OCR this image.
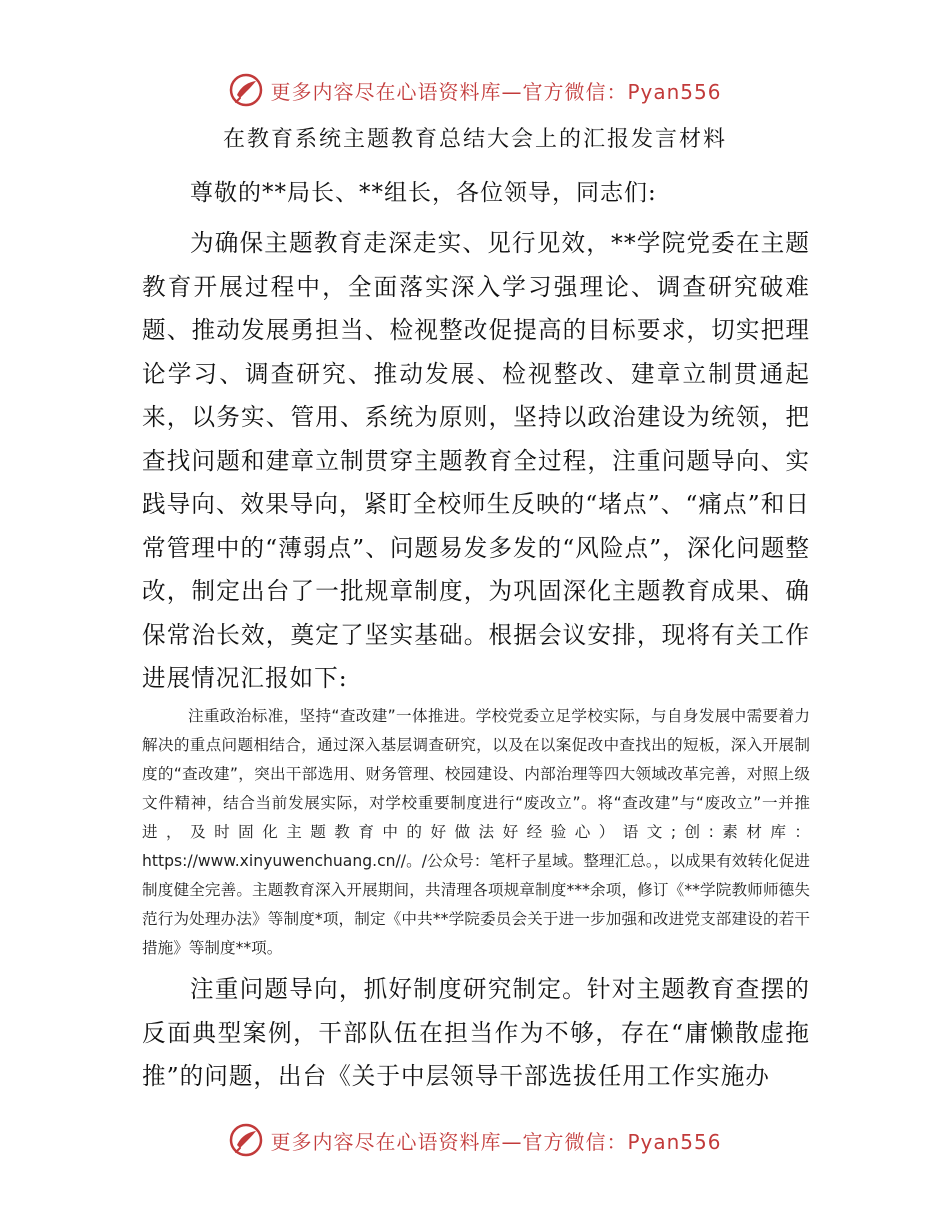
更多内容尽在心语资料库—官方微信：Pyan556
在教育系统主题教育总结大会上的汇报发言材料
尊敬的**局长、**组长，各位领导，同志们:

为确保主题教育走深走实、见行见效，**学院党委在主题教育开展过程中，全面落实深入学习强理论、调查研究破难题、推动发展勇担当、检视整改促提高的目标要求，切实把理论学习、调查研究、推动发展、检视整改、建章立制贯通起来，以务实、管用、系统为原则，坚持以政治建设为统领，把查找问题和建章立制贯穿主题教育全过程，注重问题导向、实践导向、效果导向，紧盯全校师生反映的“堵点”、“痛点”和日常管理中的“薄弱点”、问题易发多发的“风险点”，深化问题整改，制定出台了一批规章制度，为巩固深化主题教育成果、确保常治长效，奠定了坚实基础。根据会议安排，现将有关工作进展情况汇报如下:

注重政治标准，坚持“查改建”一体推进。学校党委立足学校实际，与自身发展中需要着力解决的重点问题相结合，通过深入基层调查研究，以及在以案促改中查找出的短板，深入开展制度的“查改建”，突出干部选用、财务管理、校园建设、内部治理等四大领域改革完善，对照上级文件精神，结合当前发展实际，对学校重要制度进行“废改立”。将“查改建”与“废改立”一并推进，及时固化主题教育中的好做法好经验心）语文;创:素材库：https://www.xinyuwenchuang.cn//。/公众号：笔杆子星域。整理汇总。，以成果有效转化促进制度健全完善。主题教育深入开展期间，共清理各项规章制度***余项，修订《**学院教师师德失范行为处理办法》等制度*项，制定《中共**学院委员会关于进一步加强和改进党支部建设的若干措施》等制度**项。

注重问题导向，抓好制度研究制定。针对主题教育查摆的反面典型案例，干部队伍在担当作为不够，存在“庸懒散虚拖推”的问题，出台《关于中层领导干部选拔任用工作实施办

更多内容尽在心语资料库—官方微信：Pyan556
